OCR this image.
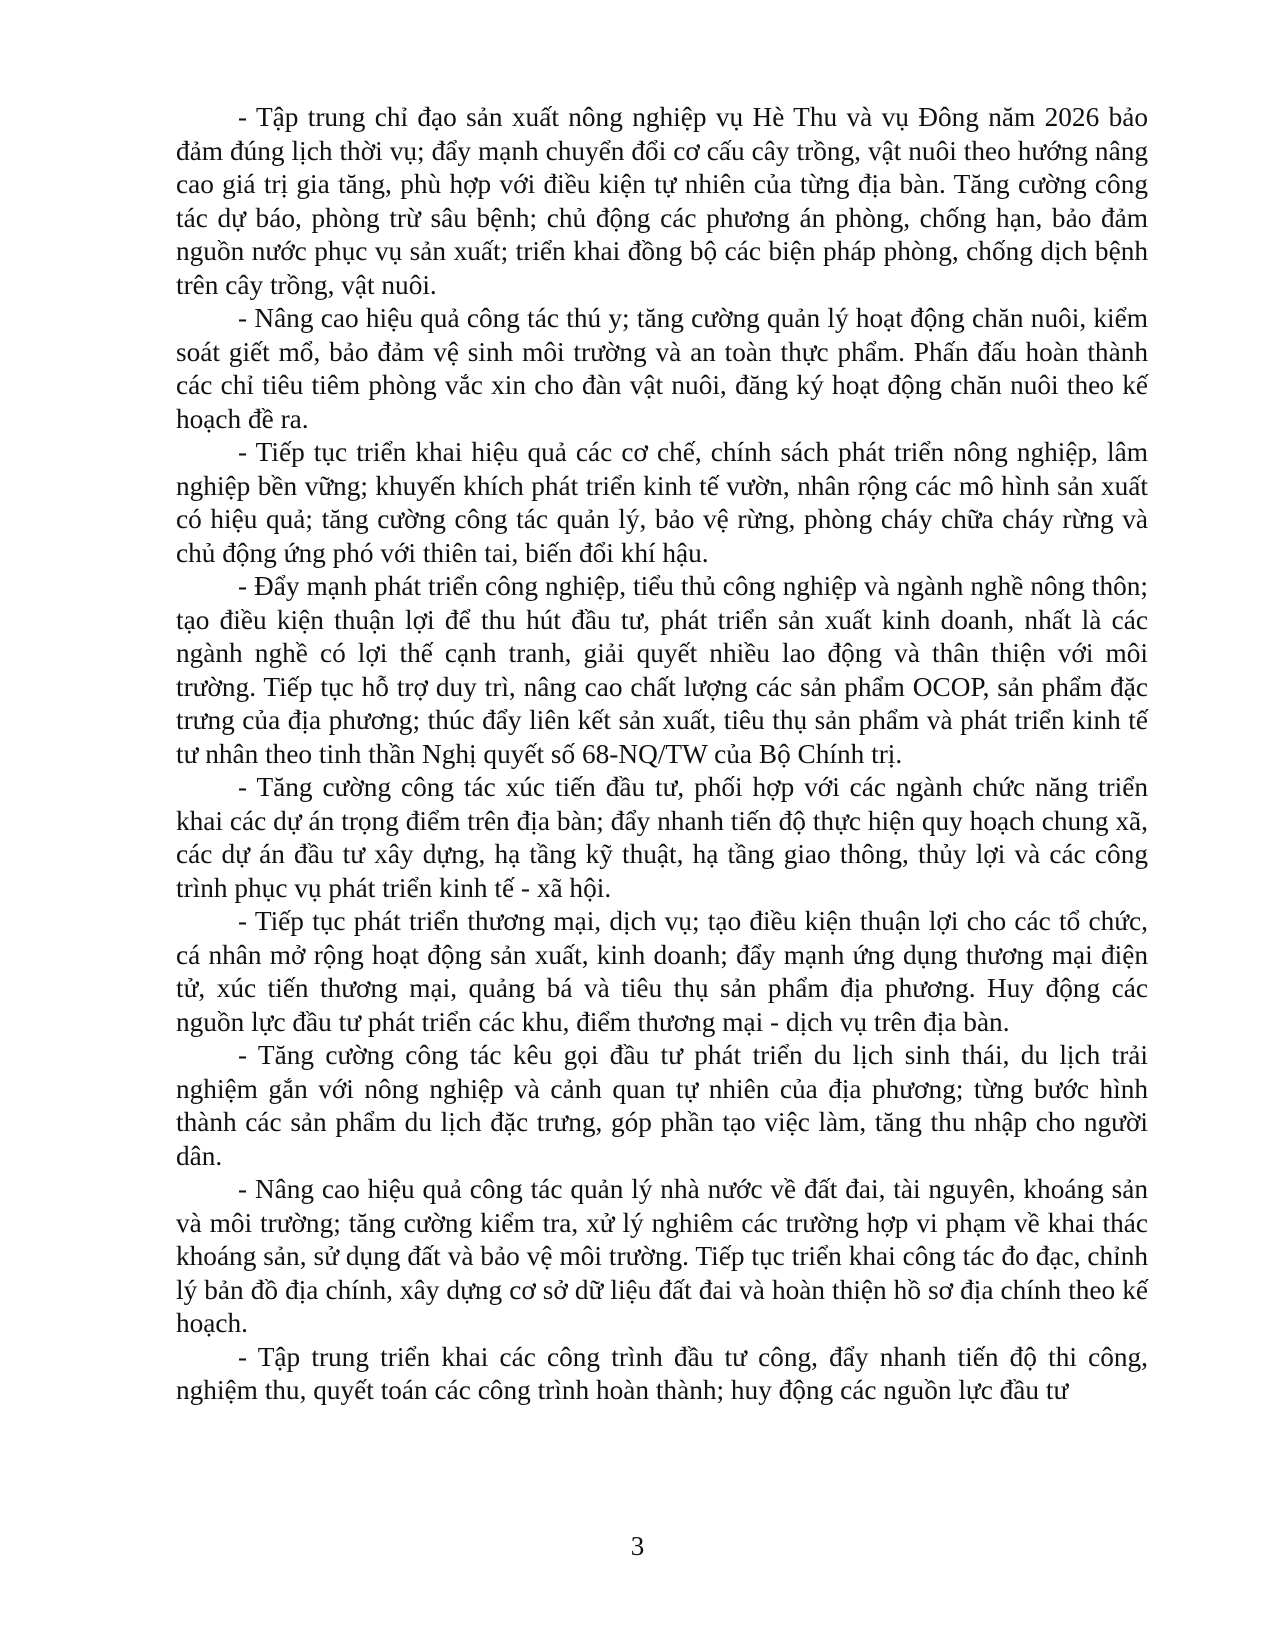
- Tập trung chỉ đạo sản xuất nông nghiệp vụ Hè Thu và vụ Đông năm 2026 bảo đảm đúng lịch thời vụ; đẩy mạnh chuyển đổi cơ cấu cây trồng, vật nuôi theo hướng nâng cao giá trị gia tăng, phù hợp với điều kiện tự nhiên của từng địa bàn. Tăng cường công tác dự báo, phòng trừ sâu bệnh; chủ động các phương án phòng, chống hạn, bảo đảm nguồn nước phục vụ sản xuất; triển khai đồng bộ các biện pháp phòng, chống dịch bệnh trên cây trồng, vật nuôi.

- Nâng cao hiệu quả công tác thú y; tăng cường quản lý hoạt động chăn nuôi, kiểm soát giết mổ, bảo đảm vệ sinh môi trường và an toàn thực phẩm. Phấn đấu hoàn thành các chỉ tiêu tiêm phòng vắc xin cho đàn vật nuôi, đăng ký hoạt động chăn nuôi theo kế hoạch đề ra.

- Tiếp tục triển khai hiệu quả các cơ chế, chính sách phát triển nông nghiệp, lâm nghiệp bền vững; khuyến khích phát triển kinh tế vườn, nhân rộng các mô hình sản xuất có hiệu quả; tăng cường công tác quản lý, bảo vệ rừng, phòng cháy chữa cháy rừng và chủ động ứng phó với thiên tai, biến đổi khí hậu.

- Đẩy mạnh phát triển công nghiệp, tiểu thủ công nghiệp và ngành nghề nông thôn; tạo điều kiện thuận lợi để thu hút đầu tư, phát triển sản xuất kinh doanh, nhất là các ngành nghề có lợi thế cạnh tranh, giải quyết nhiều lao động và thân thiện với môi trường. Tiếp tục hỗ trợ duy trì, nâng cao chất lượng các sản phẩm OCOP, sản phẩm đặc trưng của địa phương; thúc đẩy liên kết sản xuất, tiêu thụ sản phẩm và phát triển kinh tế tư nhân theo tinh thần Nghị quyết số 68-NQ/TW của Bộ Chính trị.

- Tăng cường công tác xúc tiến đầu tư, phối hợp với các ngành chức năng triển khai các dự án trọng điểm trên địa bàn; đẩy nhanh tiến độ thực hiện quy hoạch chung xã, các dự án đầu tư xây dựng, hạ tầng kỹ thuật, hạ tầng giao thông, thủy lợi và các công trình phục vụ phát triển kinh tế - xã hội.

- Tiếp tục phát triển thương mại, dịch vụ; tạo điều kiện thuận lợi cho các tổ chức, cá nhân mở rộng hoạt động sản xuất, kinh doanh; đẩy mạnh ứng dụng thương mại điện tử, xúc tiến thương mại, quảng bá và tiêu thụ sản phẩm địa phương. Huy động các nguồn lực đầu tư phát triển các khu, điểm thương mại - dịch vụ trên địa bàn.

- Tăng cường công tác kêu gọi đầu tư phát triển du lịch sinh thái, du lịch trải nghiệm gắn với nông nghiệp và cảnh quan tự nhiên của địa phương; từng bước hình thành các sản phẩm du lịch đặc trưng, góp phần tạo việc làm, tăng thu nhập cho người dân.

- Nâng cao hiệu quả công tác quản lý nhà nước về đất đai, tài nguyên, khoáng sản và môi trường; tăng cường kiểm tra, xử lý nghiêm các trường hợp vi phạm về khai thác khoáng sản, sử dụng đất và bảo vệ môi trường. Tiếp tục triển khai công tác đo đạc, chỉnh lý bản đồ địa chính, xây dựng cơ sở dữ liệu đất đai và hoàn thiện hồ sơ địa chính theo kế hoạch.

- Tập trung triển khai các công trình đầu tư công, đẩy nhanh tiến độ thi công, nghiệm thu, quyết toán các công trình hoàn thành; huy động các nguồn lực đầu tư

3
